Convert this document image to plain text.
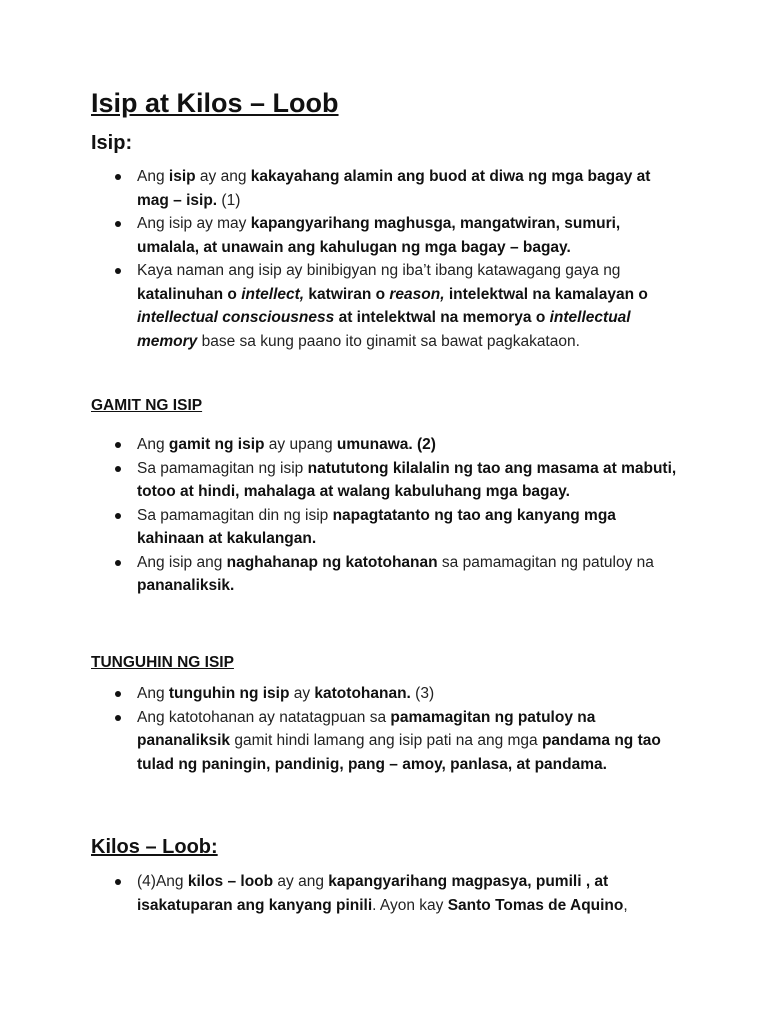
Isip at Kilos – Loob
Isip:
Ang isip ay ang kakayahang alamin ang buod at diwa ng mga bagay at mag – isip. (1)
Ang isip ay may kapangyarihang maghusga, mangatwiran, sumuri, umalala, at unawain ang kahulugan ng mga bagay – bagay.
Kaya naman ang isip ay binibigyan ng iba’t ibang katawagang gaya ng katalinuhan o intellect, katwiran o reason, intelektwal na kamalayan o intellectual consciousness at intelektwal na memorya o intellectual memory base sa kung paano ito ginamit sa bawat pagkakataon.
GAMIT NG ISIP
Ang gamit ng isip ay upang umunawa. (2)
Sa pamamagitan ng isip natututong kilalalin ng tao ang masama at mabuti, totoo at hindi, mahalaga at walang kabuluhang mga bagay.
Sa pamamagitan din ng isip napagtatanto ng tao ang kanyang mga kahinaan at kakulangan.
Ang isip ang naghahanap ng katotohanan sa pamamagitan ng patuloy na pananaliksik.
TUNGUHIN NG ISIP
Ang tunguhin ng isip ay katotohanan. (3)
Ang katotohanan ay natatagpuan sa pamamagitan ng patuloy na pananaliksik gamit hindi lamang ang isip pati na ang mga pandama ng tao tulad ng paningin, pandinig, pang – amoy, panlasa, at pandama.
Kilos – Loob:
(4)Ang kilos – loob ay ang kapangyarihang magpasya, pumili , at isakatuparan ang kanyang pinili. Ayon kay Santo Tomas de Aquino,
